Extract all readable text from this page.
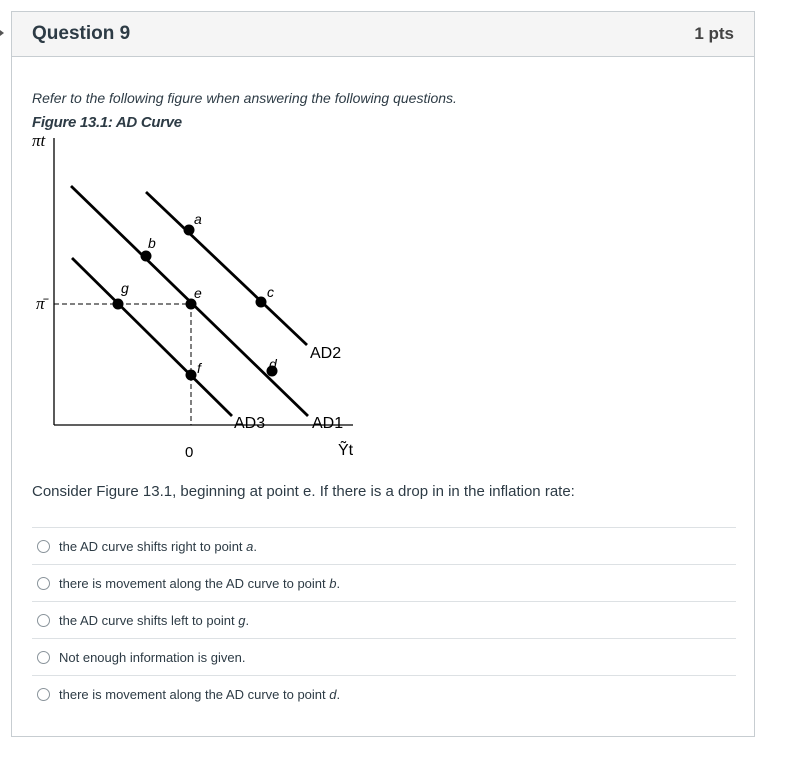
Question 9	1 pts
Refer to the following figure when answering the following questions.
Figure 13.1: AD Curve
πt
Ỹt
π̄
0
a
b
c
d
e
f
g
AD2
AD1
AD3
Consider Figure 13.1, beginning at point e. If there is a drop in in the inflation rate:
the AD curve shifts right to point a.
there is movement along the AD curve to point b.
the AD curve shifts left to point g.
Not enough information is given.
there is movement along the AD curve to point d.
